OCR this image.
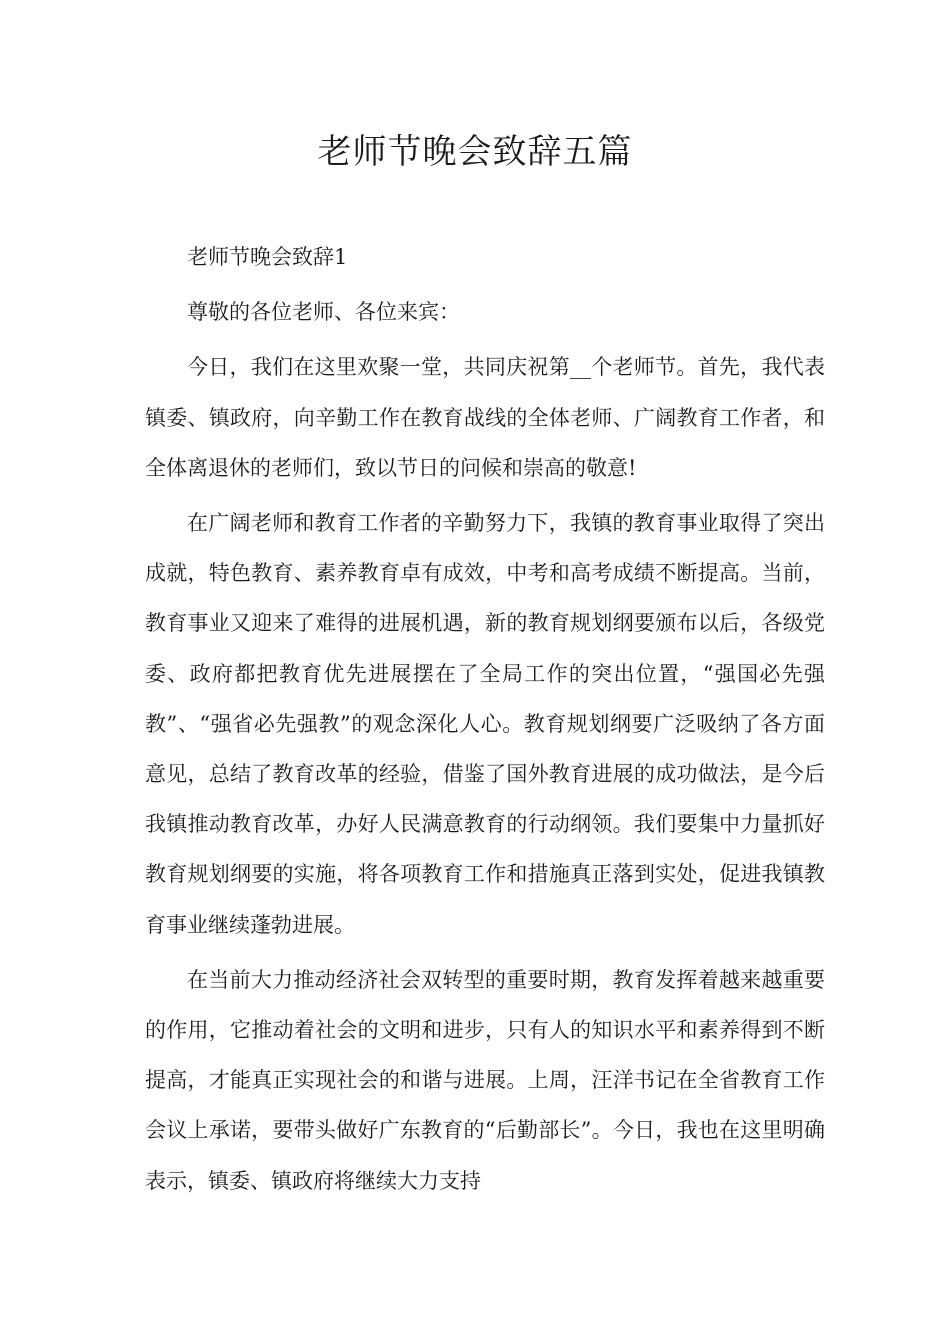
老师节晚会致辞五篇

老师节晚会致辞1

尊敬的各位老师、各位来宾：

今日，我们在这里欢聚一堂，共同庆祝第__个老师节。首先，我代表镇委、镇政府，向辛勤工作在教育战线的全体老师、广阔教育工作者，和全体离退休的老师们，致以节日的问候和崇高的敬意!

在广阔老师和教育工作者的辛勤努力下，我镇的教育事业取得了突出成就，特色教育、素养教育卓有成效，中考和高考成绩不断提高。当前，教育事业又迎来了难得的进展机遇，新的教育规划纲要颁布以后，各级党委、政府都把教育优先进展摆在了全局工作的突出位置，“强国必先强教”、“强省必先强教”的观念深化人心。教育规划纲要广泛吸纳了各方面意见，总结了教育改革的经验，借鉴了国外教育进展的成功做法，是今后我镇推动教育改革，办好人民满意教育的行动纲领。我们要集中力量抓好教育规划纲要的实施，将各项教育工作和措施真正落到实处，促进我镇教育事业继续蓬勃进展。

在当前大力推动经济社会双转型的重要时期，教育发挥着越来越重要的作用，它推动着社会的文明和进步，只有人的知识水平和素养得到不断提高，才能真正实现社会的和谐与进展。上周，汪洋书记在全省教育工作会议上承诺，要带头做好广东教育的“后勤部长”。今日，我也在这里明确表示，镇委、镇政府将继续大力支持
